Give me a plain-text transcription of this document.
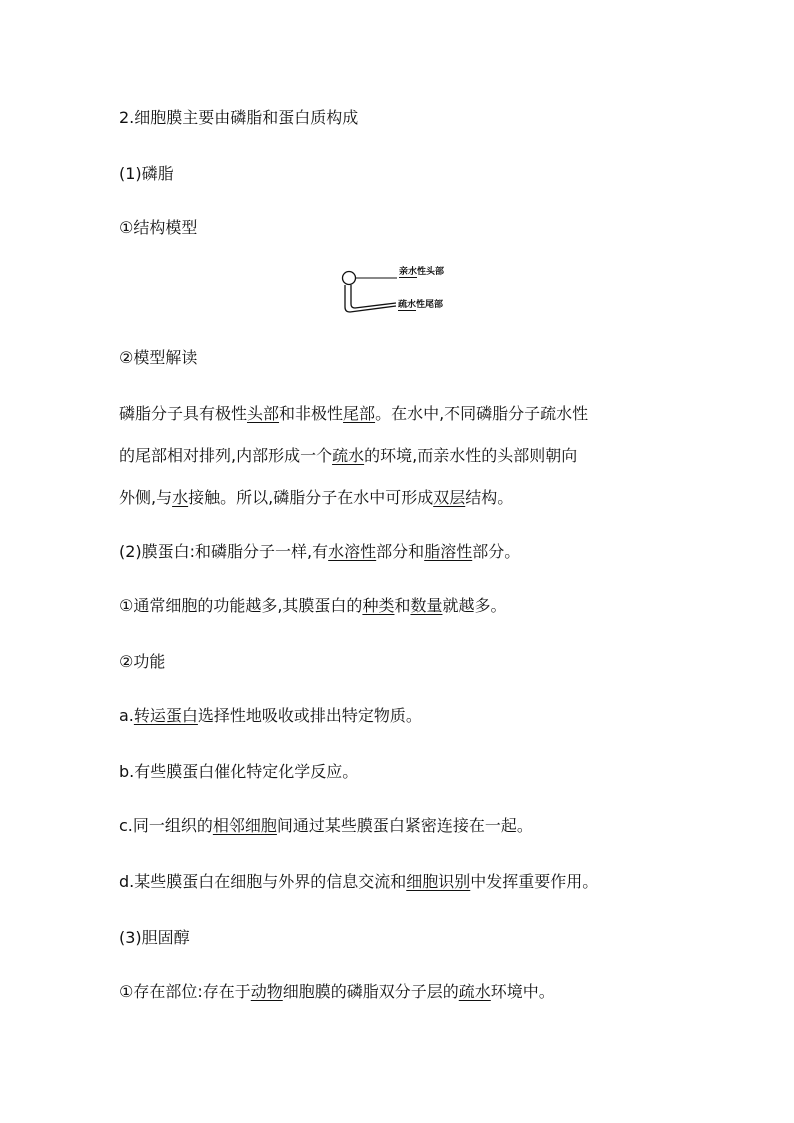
2.细胞膜主要由磷脂和蛋白质构成
(1)磷脂
①结构模型
亲水性头部
疏水性尾部
②模型解读
磷脂分子具有极性头部和非极性尾部。在水中,不同磷脂分子疏水性
的尾部相对排列,内部形成一个疏水的环境,而亲水性的头部则朝向
外侧,与水接触。所以,磷脂分子在水中可形成双层结构。
(2)膜蛋白:和磷脂分子一样,有水溶性部分和脂溶性部分。
①通常细胞的功能越多,其膜蛋白的种类和数量就越多。
②功能
a.转运蛋白选择性地吸收或排出特定物质。
b.有些膜蛋白催化特定化学反应。
c.同一组织的相邻细胞间通过某些膜蛋白紧密连接在一起。
d.某些膜蛋白在细胞与外界的信息交流和细胞识别中发挥重要作用。
(3)胆固醇
①存在部位:存在于动物细胞膜的磷脂双分子层的疏水环境中。
